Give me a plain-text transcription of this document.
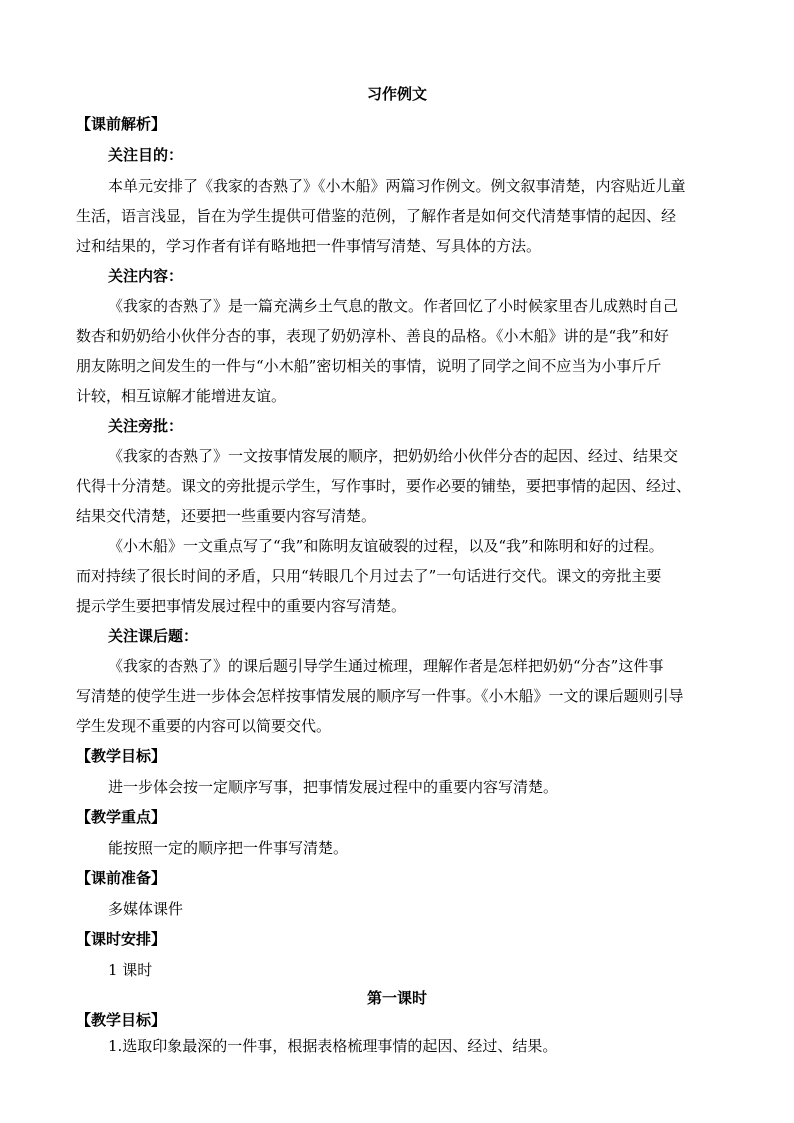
习作例文
【课前解析】
关注目的：
本单元安排了《我家的杏熟了》《小木船》两篇习作例文。例文叙事清楚，内容贴近儿童
生活，语言浅显，旨在为学生提供可借鉴的范例，了解作者是如何交代清楚事情的起因、经
过和结果的，学习作者有详有略地把一件事情写清楚、写具体的方法。
关注内容：
《我家的杏熟了》是一篇充满乡土气息的散文。作者回忆了小时候家里杏儿成熟时自己
数杏和奶奶给小伙伴分杏的事，表现了奶奶淳朴、善良的品格。《小木船》讲的是“我”和好
朋友陈明之间发生的一件与“小木船”密切相关的事情，说明了同学之间不应当为小事斤斤
计较，相互谅解才能增进友谊。
关注旁批：
《我家的杏熟了》一文按事情发展的顺序，把奶奶给小伙伴分杏的起因、经过、结果交
代得十分清楚。课文的旁批提示学生，写作事时，要作必要的铺垫，要把事情的起因、经过、
结果交代清楚，还要把一些重要内容写清楚。
《小木船》一文重点写了“我”和陈明友谊破裂的过程，以及“我”和陈明和好的过程。
而对持续了很长时间的矛盾，只用“转眼几个月过去了”一句话进行交代。课文的旁批主要
提示学生要把事情发展过程中的重要内容写清楚。
关注课后题：
《我家的杏熟了》的课后题引导学生通过梳理，理解作者是怎样把奶奶“分杏”这件事
写清楚的使学生进一步体会怎样按事情发展的顺序写一件事。《小木船》一文的课后题则引导
学生发现不重要的内容可以简要交代。
【教学目标】
进一步体会按一定顺序写事，把事情发展过程中的重要内容写清楚。
【教学重点】
能按照一定的顺序把一件事写清楚。
【课前准备】
多媒体课件
【课时安排】
1 课时
第一课时
【教学目标】
1.选取印象最深的一件事，根据表格梳理事情的起因、经过、结果。
